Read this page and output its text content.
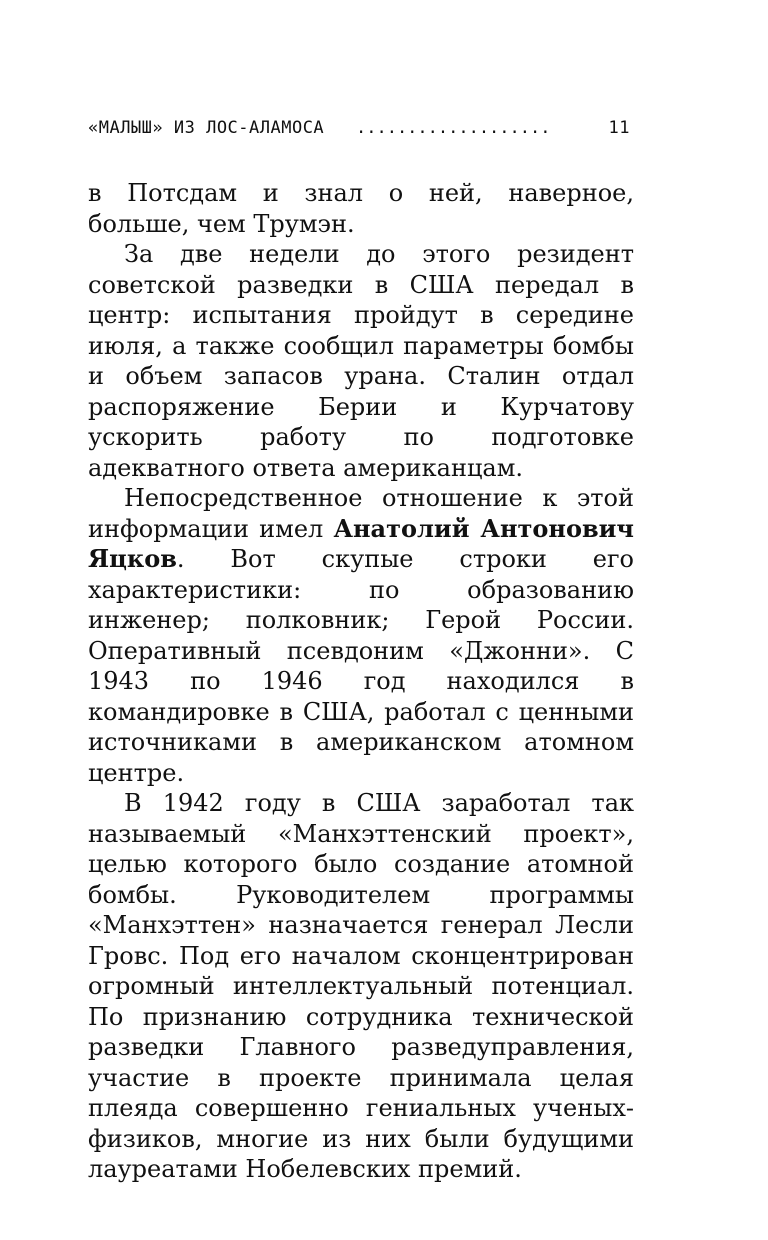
«МАЛЫШ» ИЗ ЛОС-АЛАМОСА ...................	11

в Потсдам и знал о ней, наверное, больше, чем Трумэн.

За две недели до этого резидент советской разведки в США передал в центр: испытания пройдут в середине июля, а также сообщил параметры бомбы и объем запасов урана. Сталин отдал распоряжение Берии и Курчатову ускорить работу по подготовке адекватного ответа американцам.

Непосредственное отношение к этой информации имел Анатолий Антонович Яцков. Вот скупые строки его характеристики: по образованию инженер; полковник; Герой России. Оперативный псевдоним «Джонни». С 1943 по 1946 год находился в командировке в США, работал с ценными источниками в американском атомном центре.

В 1942 году в США заработал так называемый «Манхэттенский проект», целью которого было создание атомной бомбы. Руководителем программы «Манхэттен» назначается генерал Лесли Гровс. Под его началом сконцентрирован огромный интеллектуальный потенциал. По признанию сотрудника технической разведки Главного разведуправления, участие в проекте принимала целая плеяда совершенно гениальных ученых-физиков, многие из них были будущими лауреатами Нобелевских премий.
